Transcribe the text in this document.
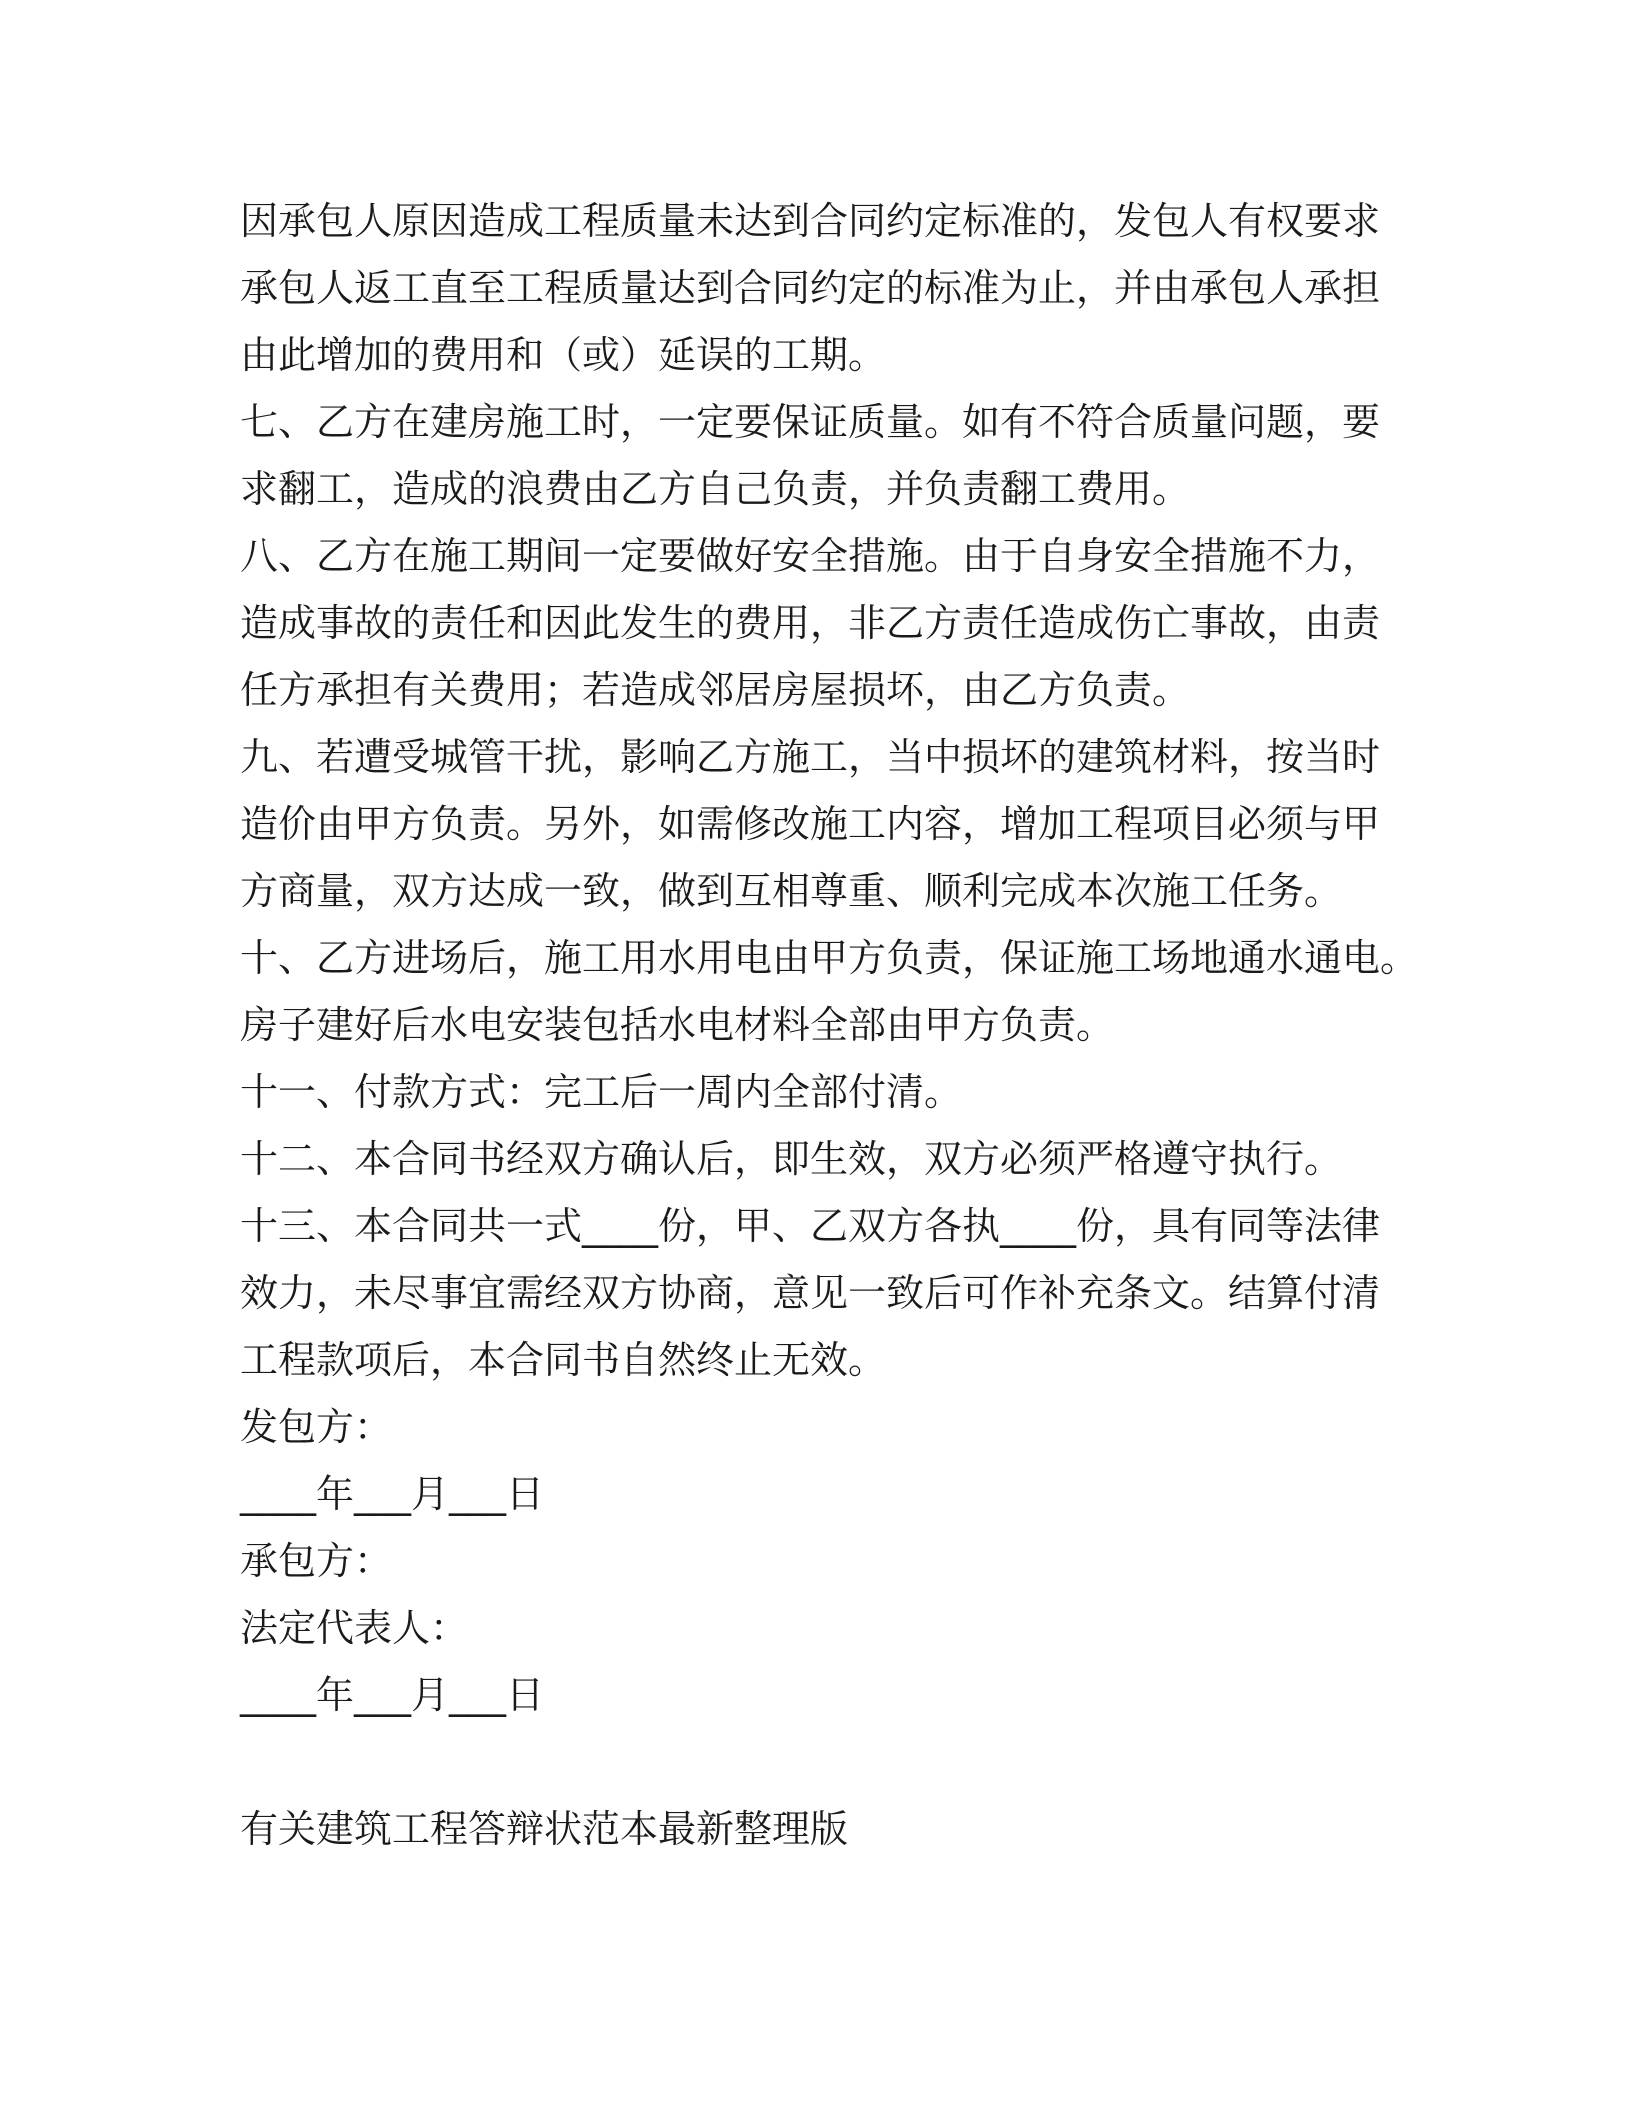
因承包人原因造成工程质量未达到合同约定标准的，发包人有权要求
承包人返工直至工程质量达到合同约定的标准为止，并由承包人承担
由此增加的费用和（或）延误的工期。
七、乙方在建房施工时，一定要保证质量。如有不符合质量问题，要
求翻工，造成的浪费由乙方自己负责，并负责翻工费用。
八、乙方在施工期间一定要做好安全措施。由于自身安全措施不力，
造成事故的责任和因此发生的费用，非乙方责任造成伤亡事故，由责
任方承担有关费用；若造成邻居房屋损坏，由乙方负责。
九、若遭受城管干扰，影响乙方施工，当中损坏的建筑材料，按当时
造价由甲方负责。另外，如需修改施工内容，增加工程项目必须与甲
方商量，双方达成一致，做到互相尊重、顺利完成本次施工任务。
十、乙方进场后，施工用水用电由甲方负责，保证施工场地通水通电。
房子建好后水电安装包括水电材料全部由甲方负责。
十一、付款方式：完工后一周内全部付清。
十二、本合同书经双方确认后，即生效，双方必须严格遵守执行。
十三、本合同共一式____份，甲、乙双方各执____份，具有同等法律
效力，未尽事宜需经双方协商，意见一致后可作补充条文。结算付清
工程款项后，本合同书自然终止无效。
发包方：
____年___月___日
承包方：
法定代表人：
____年___月___日
有关建筑工程答辩状范本最新整理版
